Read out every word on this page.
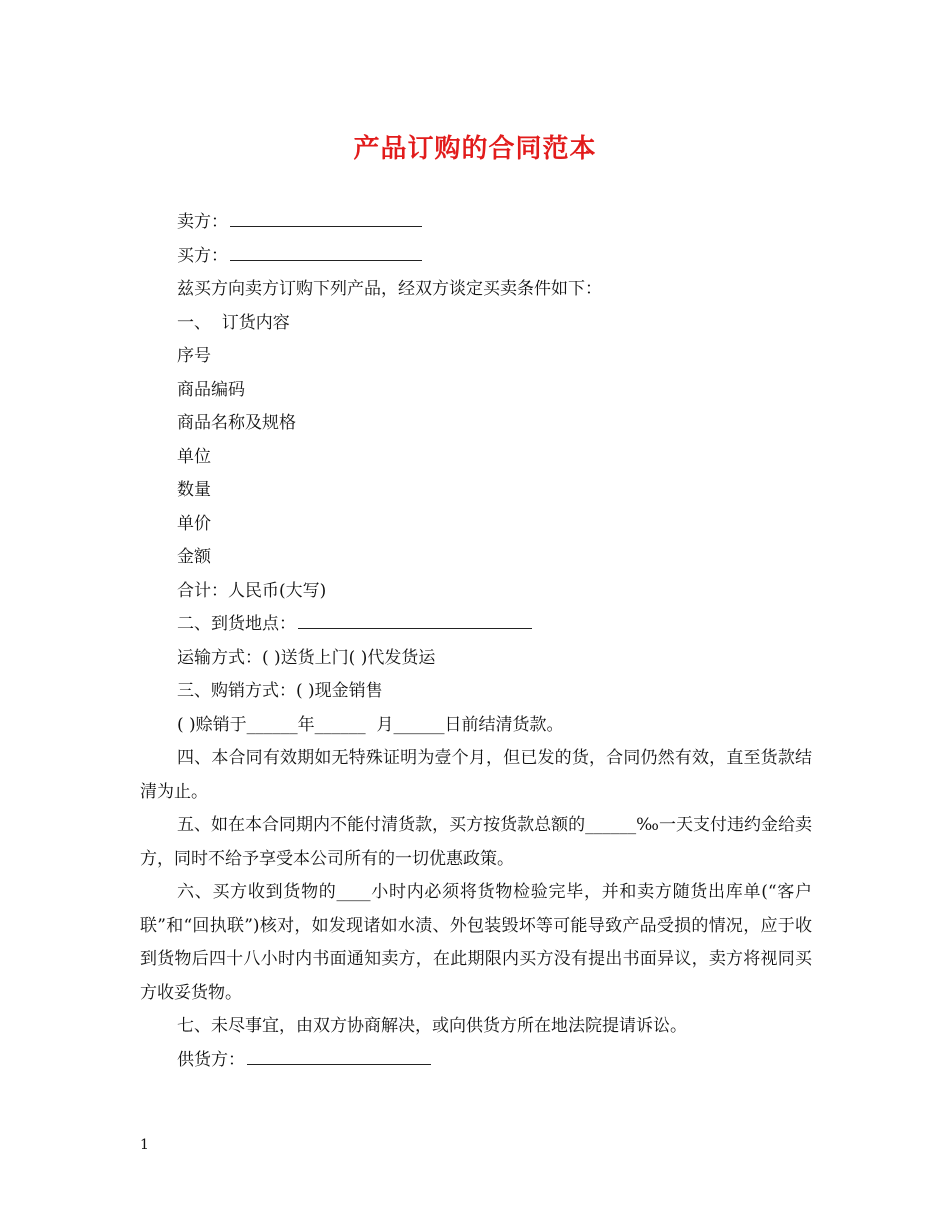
产品订购的合同范本

卖方：

买方：

兹买方向卖方订购下列产品，经双方谈定买卖条件如下：

一、  订货内容

序号

商品编码

商品名称及规格

单位

数量

单价

金额

合计：人民币(大写)

二、到货地点：

运输方式：( )送货上门( )代发货运

三、购销方式：( )现金销售

( )赊销于______年______  月______日前结清货款。

四、本合同有效期如无特殊证明为壹个月，但已发的货，合同仍然有效，直至货款结清为止。

五、如在本合同期内不能付清货款，买方按货款总额的______‰一天支付违约金给卖方，同时不给予享受本公司所有的一切优惠政策。

六、买方收到货物的____小时内必须将货物检验完毕，并和卖方随货出库单(“客户联”和“回执联”)核对，如发现诸如水渍、外包装毁坏等可能导致产品受损的情况，应于收到货物后四十八小时内书面通知卖方，在此期限内买方没有提出书面异议，卖方将视同买方收妥货物。

七、未尽事宜，由双方协商解决，或向供货方所在地法院提请诉讼。

供货方：

1
